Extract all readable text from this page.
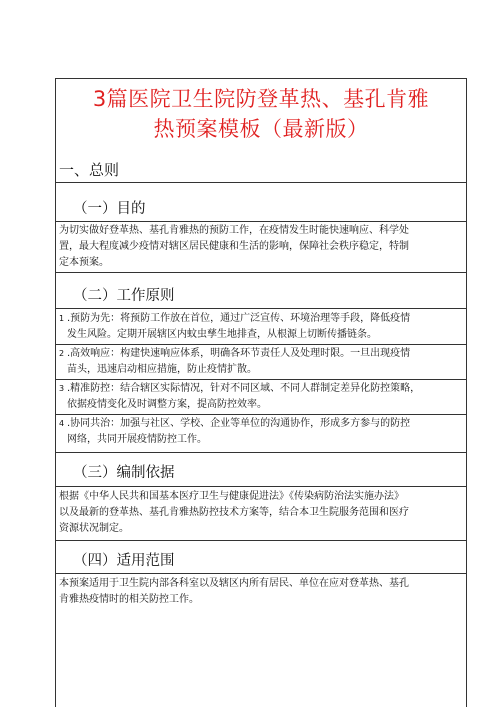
3篇医院卫生院防登革热、基孔肯雅
热预案模板（最新版）
一、总则
（一）目的
为切实做好登革热、基孔肯雅热的预防工作，在疫情发生时能快速响应、科学处
置，最大程度减少疫情对辖区居民健康和生活的影响，保障社会秩序稳定，特制
定本预案。
（二）工作原则
1 .预防为先：将预防工作放在首位，通过广泛宣传、环境治理等手段，降低疫情
发生风险。定期开展辖区内蚊虫孳生地排查，从根源上切断传播链条。
2 .高效响应：构建快速响应体系，明确各环节责任人及处理时限。一旦出现疫情
苗头，迅速启动相应措施，防止疫情扩散。
3 .精准防控：结合辖区实际情况，针对不同区域、不同人群制定差异化防控策略，
依据疫情变化及时调整方案，提高防控效率。
4 .协同共治：加强与社区、学校、企业等单位的沟通协作，形成多方参与的防控
网络，共同开展疫情防控工作。
（三）编制依据
根据《中华人民共和国基本医疗卫生与健康促进法》《传染病防治法实施办法》
以及最新的登革热、基孔肯雅热防控技术方案等，结合本卫生院服务范围和医疗
资源状况制定。
（四）适用范围
本预案适用于卫生院内部各科室以及辖区内所有居民、单位在应对登革热、基孔
肯雅热疫情时的相关防控工作。
